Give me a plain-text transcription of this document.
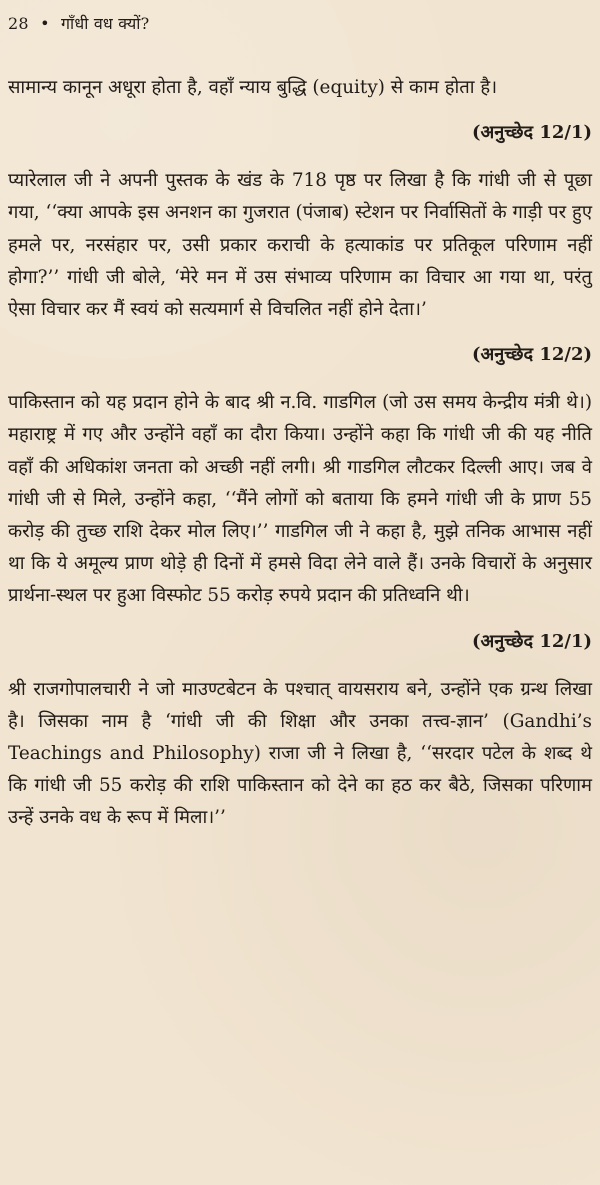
28 • गाँधी वध क्यों?

सामान्य कानून अधूरा होता है, वहाँ न्याय बुद्धि (equity) से काम होता है।

(अनुच्छेद 12/1)

प्यारेलाल जी ने अपनी पुस्तक के खंड के 718 पृष्ठ पर लिखा है कि गांधी जी से पूछा गया, ‘‘क्या आपके इस अनशन का गुजरात (पंजाब) स्टेशन पर निर्वासितों के गाड़ी पर हुए हमले पर, नरसंहार पर, उसी प्रकार कराची के हत्याकांड पर प्रतिकूल परिणाम नहीं होगा?’’ गांधी जी बोले, ‘मेरे मन में उस संभाव्य परिणाम का विचार आ गया था, परंतु ऐसा विचार कर मैं स्वयं को सत्यमार्ग से विचलित नहीं होने देता।’

(अनुच्छेद 12/2)

पाकिस्तान को यह प्रदान होने के बाद श्री न.वि. गाडगिल (जो उस समय केन्द्रीय मंत्री थे।) महाराष्ट्र में गए और उन्होंने वहाँ का दौरा किया। उन्होंने कहा कि गांधी जी की यह नीति वहाँ की अधिकांश जनता को अच्छी नहीं लगी। श्री गाडगिल लौटकर दिल्ली आए। जब वे गांधी जी से मिले, उन्होंने कहा, ‘‘मैंने लोगों को बताया कि हमने गांधी जी के प्राण 55 करोड़ की तुच्छ राशि देकर मोल लिए।’’ गाडगिल जी ने कहा है, मुझे तनिक आभास नहीं था कि ये अमूल्य प्राण थोड़े ही दिनों में हमसे विदा लेने वाले हैं। उनके विचारों के अनुसार प्रार्थना-स्थल पर हुआ विस्फोट 55 करोड़ रुपये प्रदान की प्रतिध्वनि थी।

(अनुच्छेद 12/1)

श्री राजगोपालचारी ने जो माउण्टबेटन के पश्चात् वायसराय बने, उन्होंने एक ग्रन्थ लिखा है। जिसका नाम है ‘गांधी जी की शिक्षा और उनका तत्त्व-ज्ञान’ (Gandhi’s Teachings and Philosophy) राजा जी ने लिखा है, ‘‘सरदार पटेल के शब्द थे कि गांधी जी 55 करोड़ की राशि पाकिस्तान को देने का हठ कर बैठे, जिसका परिणाम उन्हें उनके वध के रूप में मिला।’’
